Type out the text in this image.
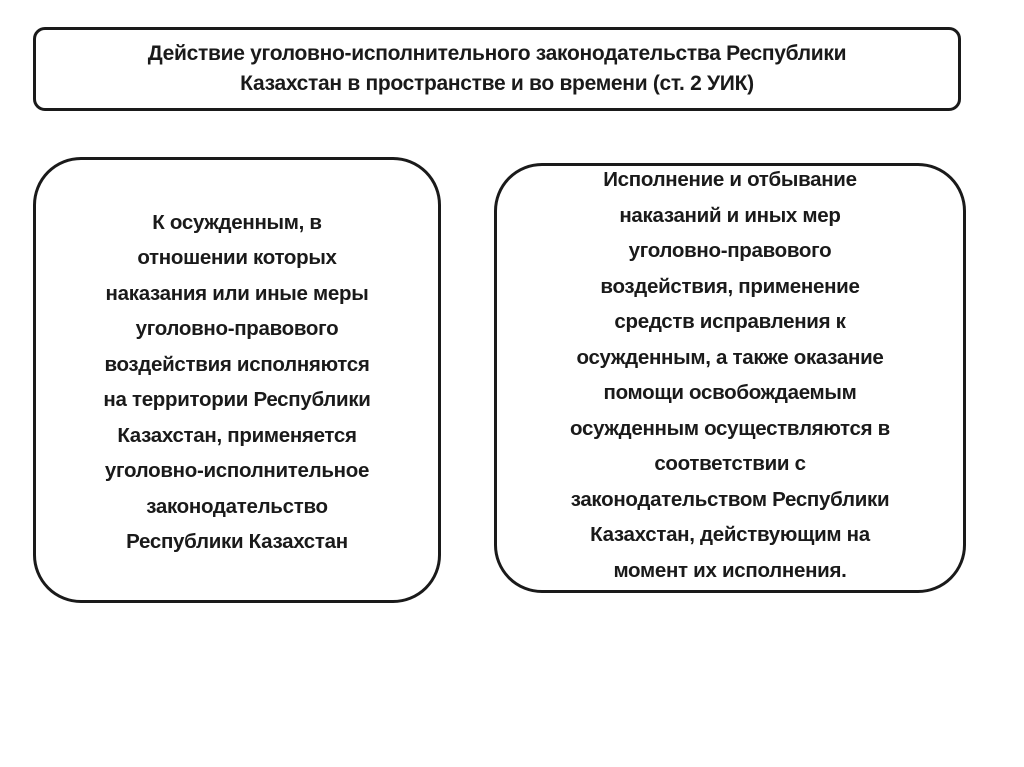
Действие уголовно-исполнительного законодательства Республики
Казахстан в пространстве и во времени (ст. 2 УИК)
К осужденным, в
отношении которых
наказания или иные меры
уголовно-правового
воздействия исполняются
на территории Республики
Казахстан, применяется
уголовно-исполнительное
законодательство
Республики Казахстан
Исполнение и отбывание
наказаний и иных мер
уголовно-правового
воздействия, применение
средств исправления к
осужденным, а также оказание
помощи освобождаемым
осужденным осуществляются в
соответствии с
законодательством Республики
Казахстан, действующим на
момент их исполнения.
